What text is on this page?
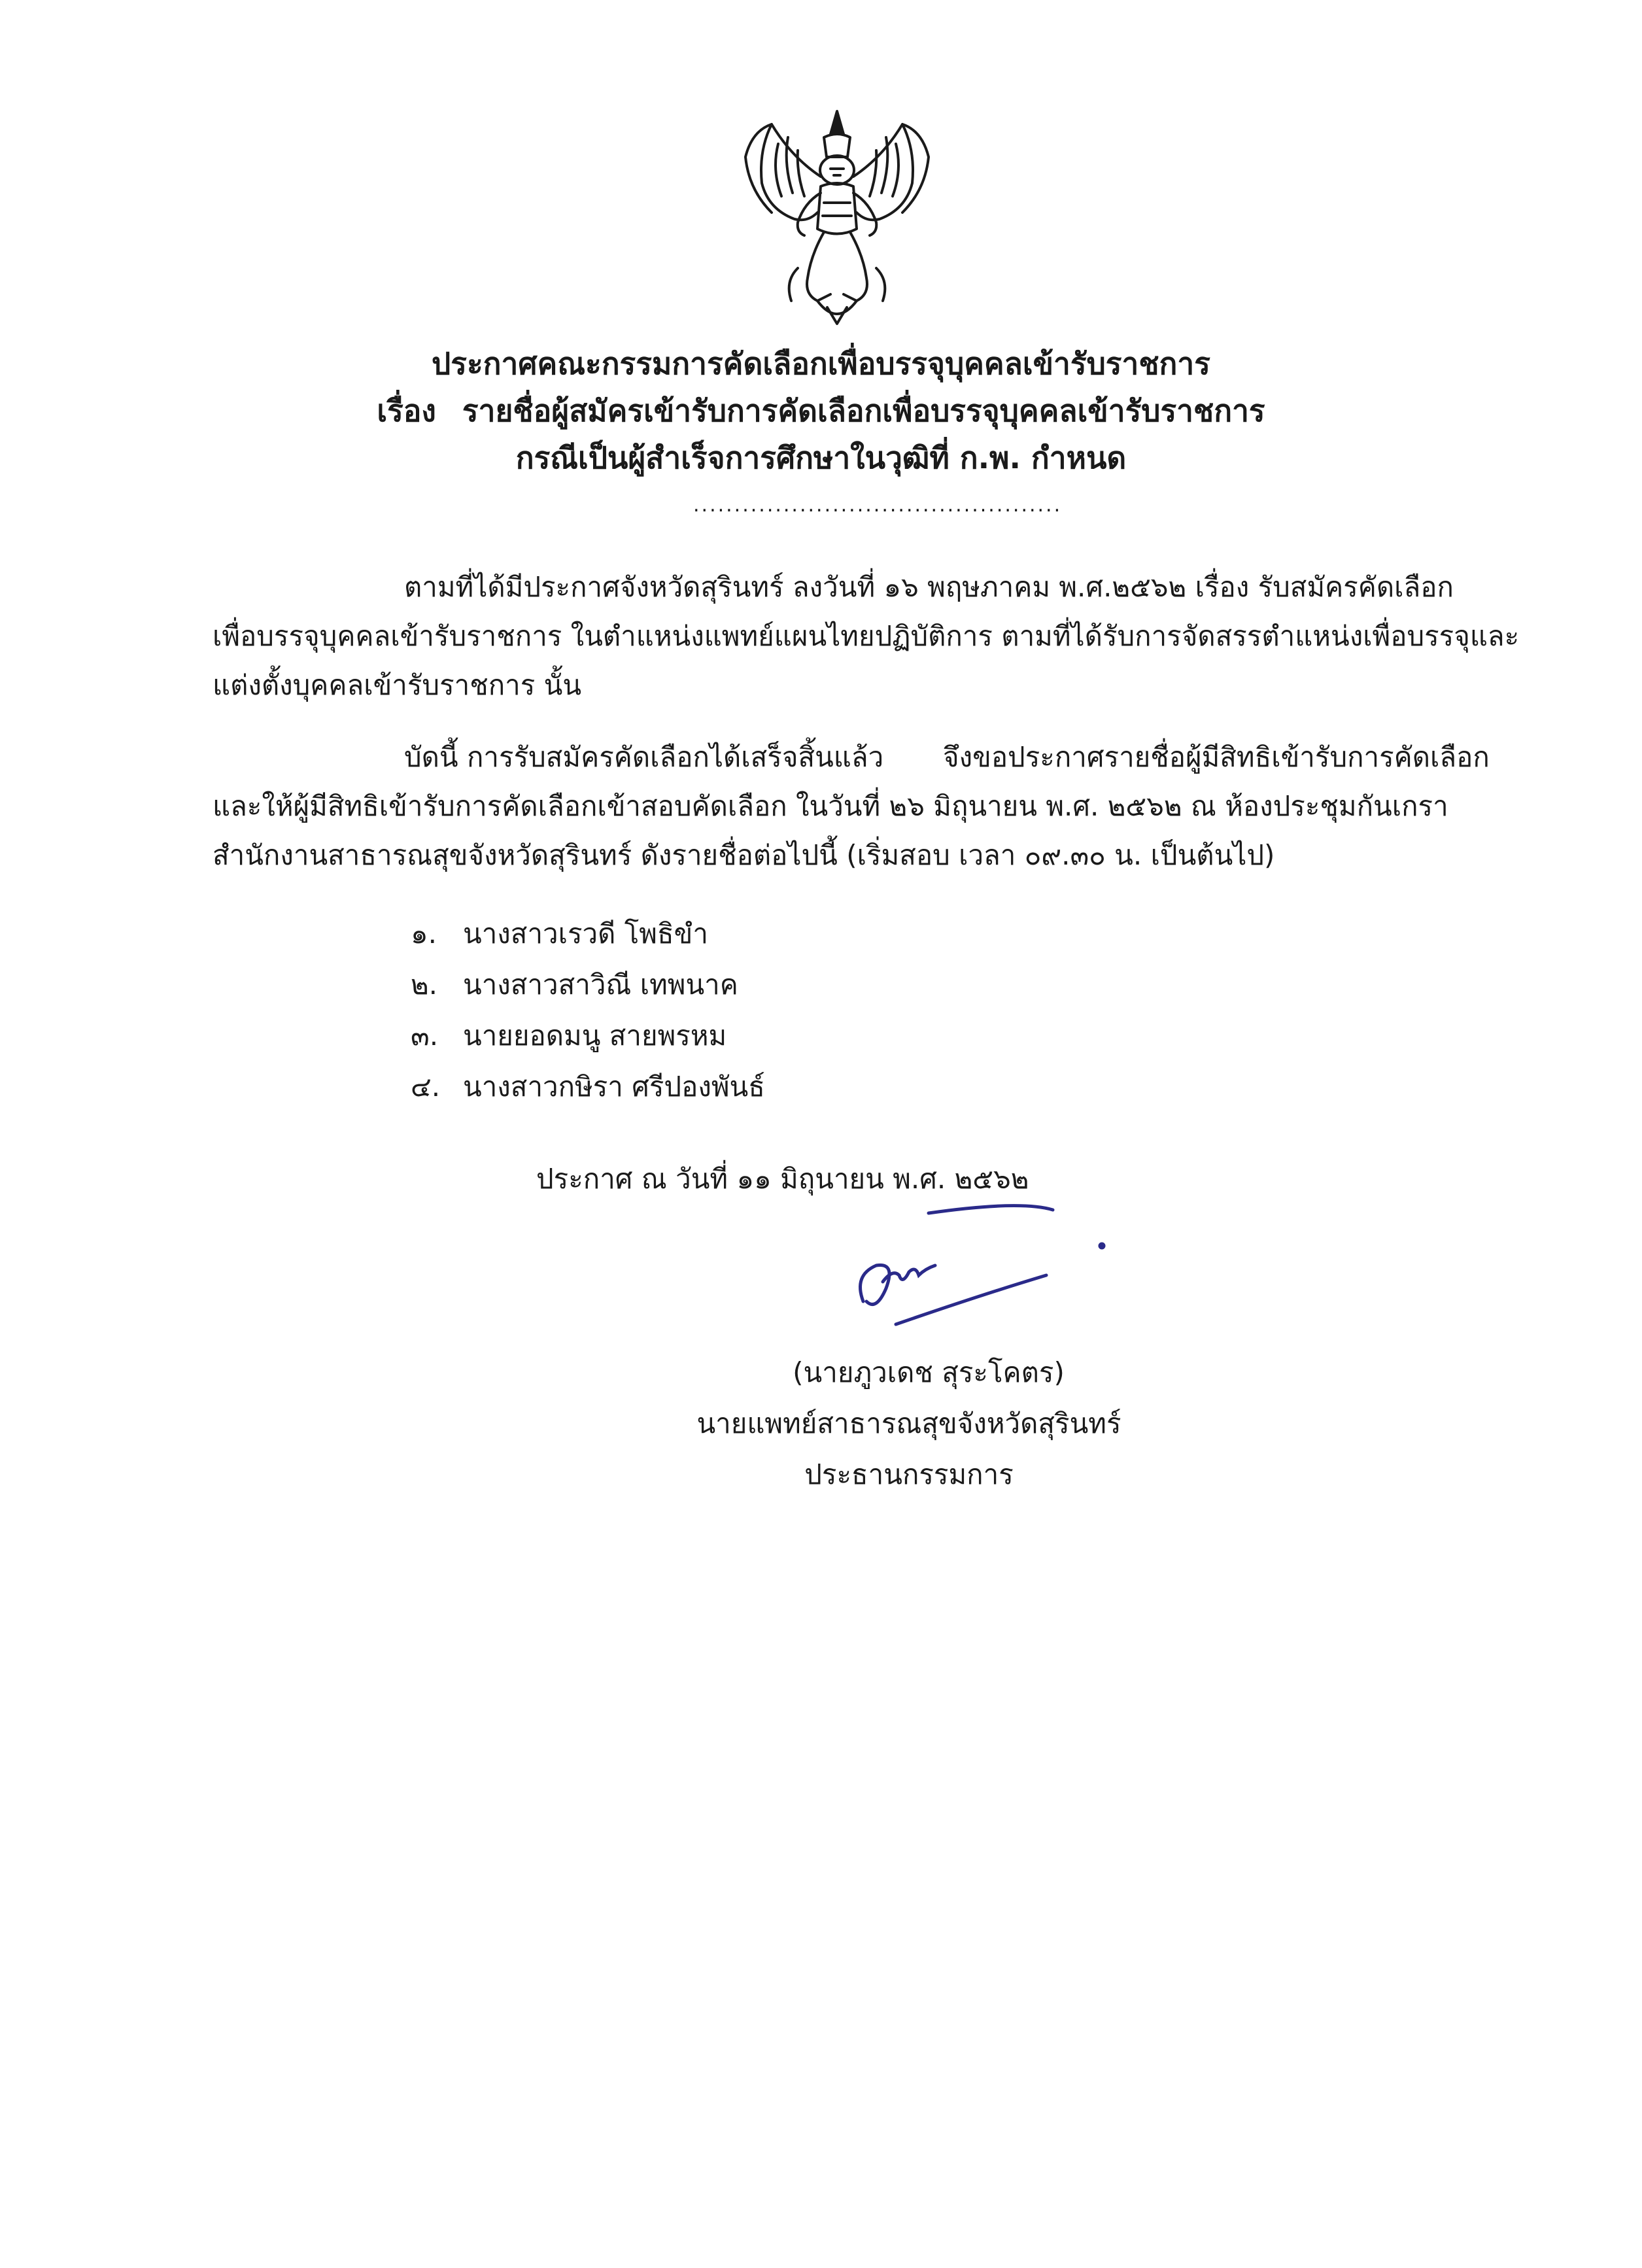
ประกาศคณะกรรมการคัดเลือกเพื่อบรรจุบุคคลเข้ารับราชการ
เรื่อง รายชื่อผู้สมัครเข้ารับการคัดเลือกเพื่อบรรจุบุคคลเข้ารับราชการ
กรณีเป็นผู้สำเร็จการศึกษาในวุฒิที่ ก.พ. กำหนด
.............................................
ตามที่ได้มีประกาศจังหวัดสุรินทร์ ลงวันที่ ๑๖ พฤษภาคม พ.ศ.๒๕๖๒ เรื่อง รับสมัครคัดเลือก
เพื่อบรรจุบุคคลเข้ารับราชการ ในตำแหน่งแพทย์แผนไทยปฏิบัติการ ตามที่ได้รับการจัดสรรตำแหน่งเพื่อบรรจุและ
แต่งตั้งบุคคลเข้ารับราชการ นั้น
บัดนี้ การรับสมัครคัดเลือกได้เสร็จสิ้นแล้ว จึงขอประกาศรายชื่อผู้มีสิทธิเข้ารับการคัดเลือก
และให้ผู้มีสิทธิเข้ารับการคัดเลือกเข้าสอบคัดเลือก ในวันที่ ๒๖ มิถุนายน พ.ศ. ๒๕๖๒ ณ ห้องประชุมกันเกรา
สำนักงานสาธารณสุขจังหวัดสุรินทร์ ดังรายชื่อต่อไปนี้ (เริ่มสอบ เวลา ๐๙.๓๐ น. เป็นต้นไป)
๑. นางสาวเรวดี โพธิขำ
๒. นางสาวสาวิณี เทพนาค
๓. นายยอดมนู สายพรหม
๔. นางสาวกษิรา ศรีปองพันธ์
ประกาศ ณ วันที่ ๑๑ มิถุนายน พ.ศ. ๒๕๖๒
(นายภูวเดช สุระโคตร)
นายแพทย์สาธารณสุขจังหวัดสุรินทร์
ประธานกรรมการ
